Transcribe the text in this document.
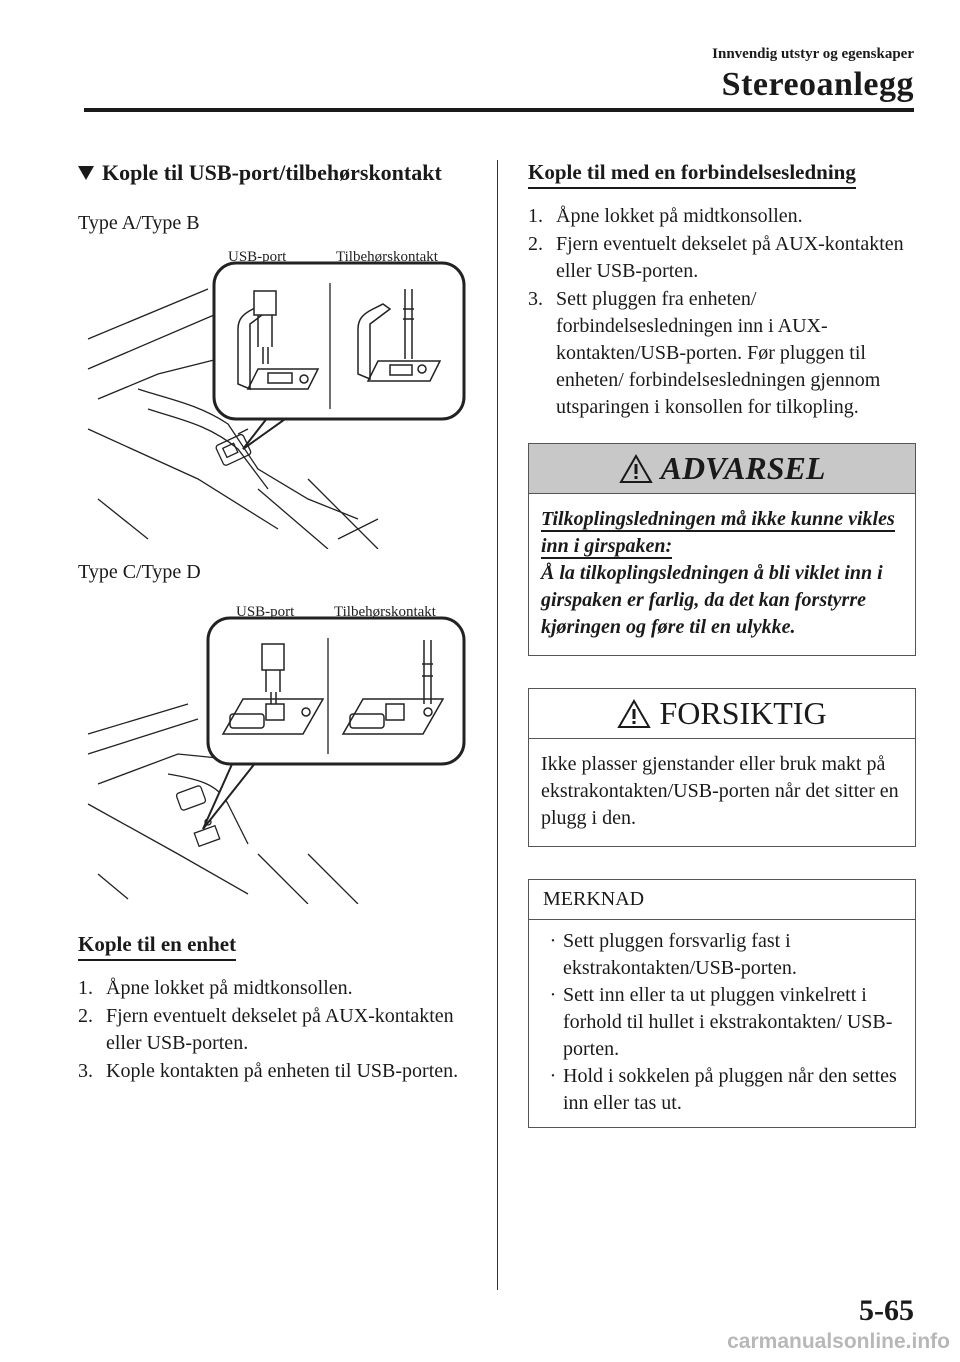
Innvendig utstyr og egenskaper
Stereoanlegg
Kople til USB-port/tilbehørskontakt

Type A/Type B

USB-port	Tilbehørskontakt

Type C/Type D

USB-port	Tilbehørskontakt
Kople til en enhet
1. Åpne lokket på midtkonsollen.
2. Fjern eventuelt dekselet på AUX-kontakten eller USB-porten.
3. Kople kontakten på enheten til USB-porten.
Kople til med en forbindelsesledning
1. Åpne lokket på midtkonsollen.
2. Fjern eventuelt dekselet på AUX-kontakten eller USB-porten.
3. Sett pluggen fra enheten/ forbindelsesledningen inn i AUX-kontakten/USB-porten. Før pluggen til enheten/ forbindelsesledningen gjennom utsparingen i konsollen for tilkopling.
ADVARSEL
Tilkoplingsledningen må ikke kunne vikles inn i girspaken:
Å la tilkoplingsledningen å bli viklet inn i girspaken er farlig, da det kan forstyrre kjøringen og føre til en ulykke.
FORSIKTIG
Ikke plasser gjenstander eller bruk makt på ekstrakontakten/USB-porten når det sitter en plugg i den.
MERKNAD
· Sett pluggen forsvarlig fast i ekstrakontakten/USB-porten.
· Sett inn eller ta ut pluggen vinkelrett i forhold til hullet i ekstrakontakten/ USB-porten.
· Hold i sokkelen på pluggen når den settes inn eller tas ut.
5-65
carmanualsonline.info
